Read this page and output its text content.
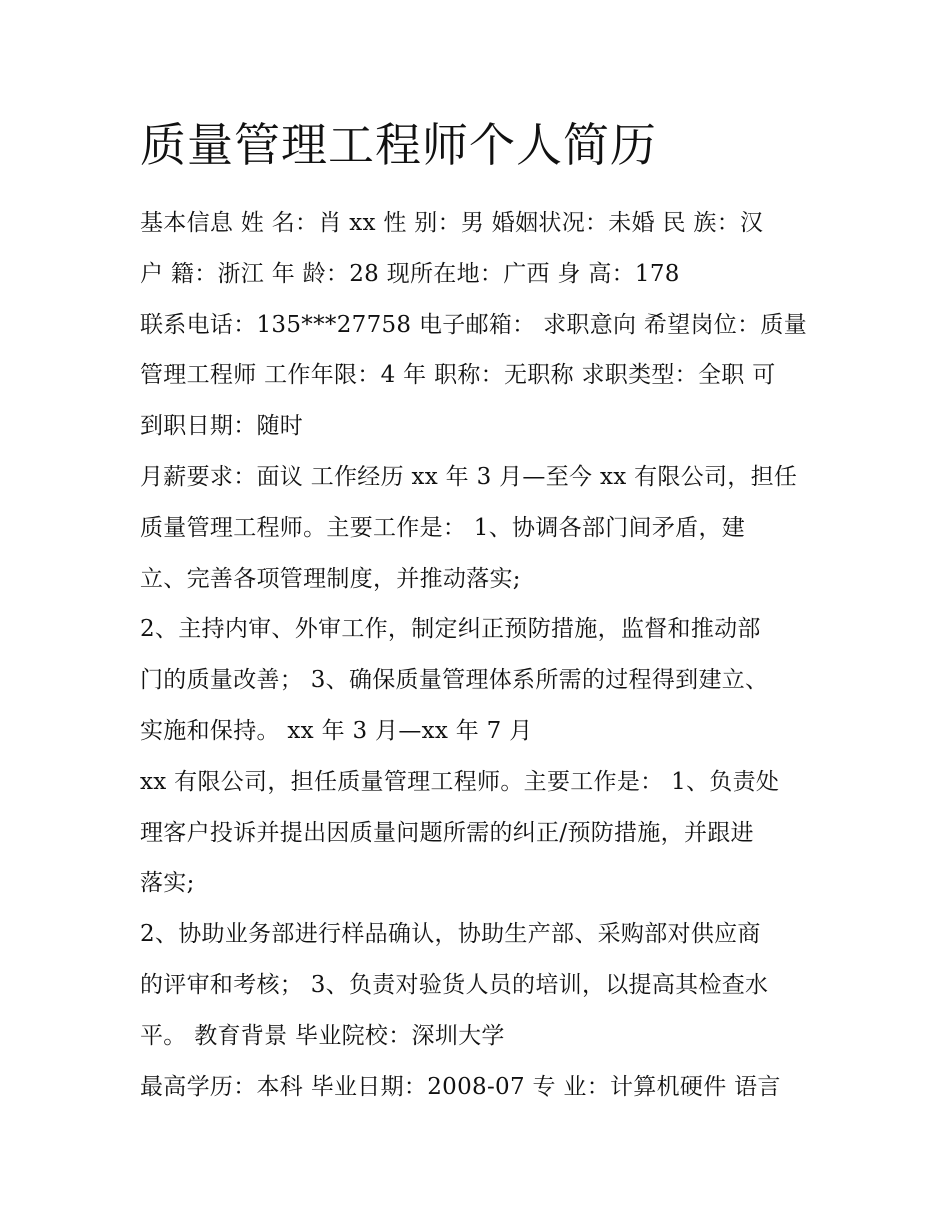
质量管理工程师个人简历
基本信息 姓 名：肖 xx 性 别：男 婚姻状况：未婚 民 族：汉
户 籍：浙江 年 龄：28 现所在地：广西 身 高：178
联系电话：135***27758 电子邮箱： 求职意向 希望岗位：质量
管理工程师 工作年限：4 年 职称：无职称 求职类型：全职 可
到职日期：随时
月薪要求：面议 工作经历 xx 年 3 月—至今 xx 有限公司，担任
质量管理工程师。主要工作是： 1、协调各部门间矛盾，建
立、完善各项管理制度，并推动落实;
2、主持内审、外审工作，制定纠正预防措施，监督和推动部
门的质量改善； 3、确保质量管理体系所需的过程得到建立、
实施和保持。 xx 年 3 月—xx 年 7 月
xx 有限公司，担任质量管理工程师。主要工作是： 1、负责处
理客户投诉并提出因质量问题所需的纠正/预防措施，并跟进
落实;
2、协助业务部进行样品确认，协助生产部、采购部对供应商
的评审和考核； 3、负责对验货人员的培训，以提高其检查水
平。 教育背景 毕业院校：深圳大学
最高学历：本科 毕业日期：2008-07 专 业：计算机硬件 语言
